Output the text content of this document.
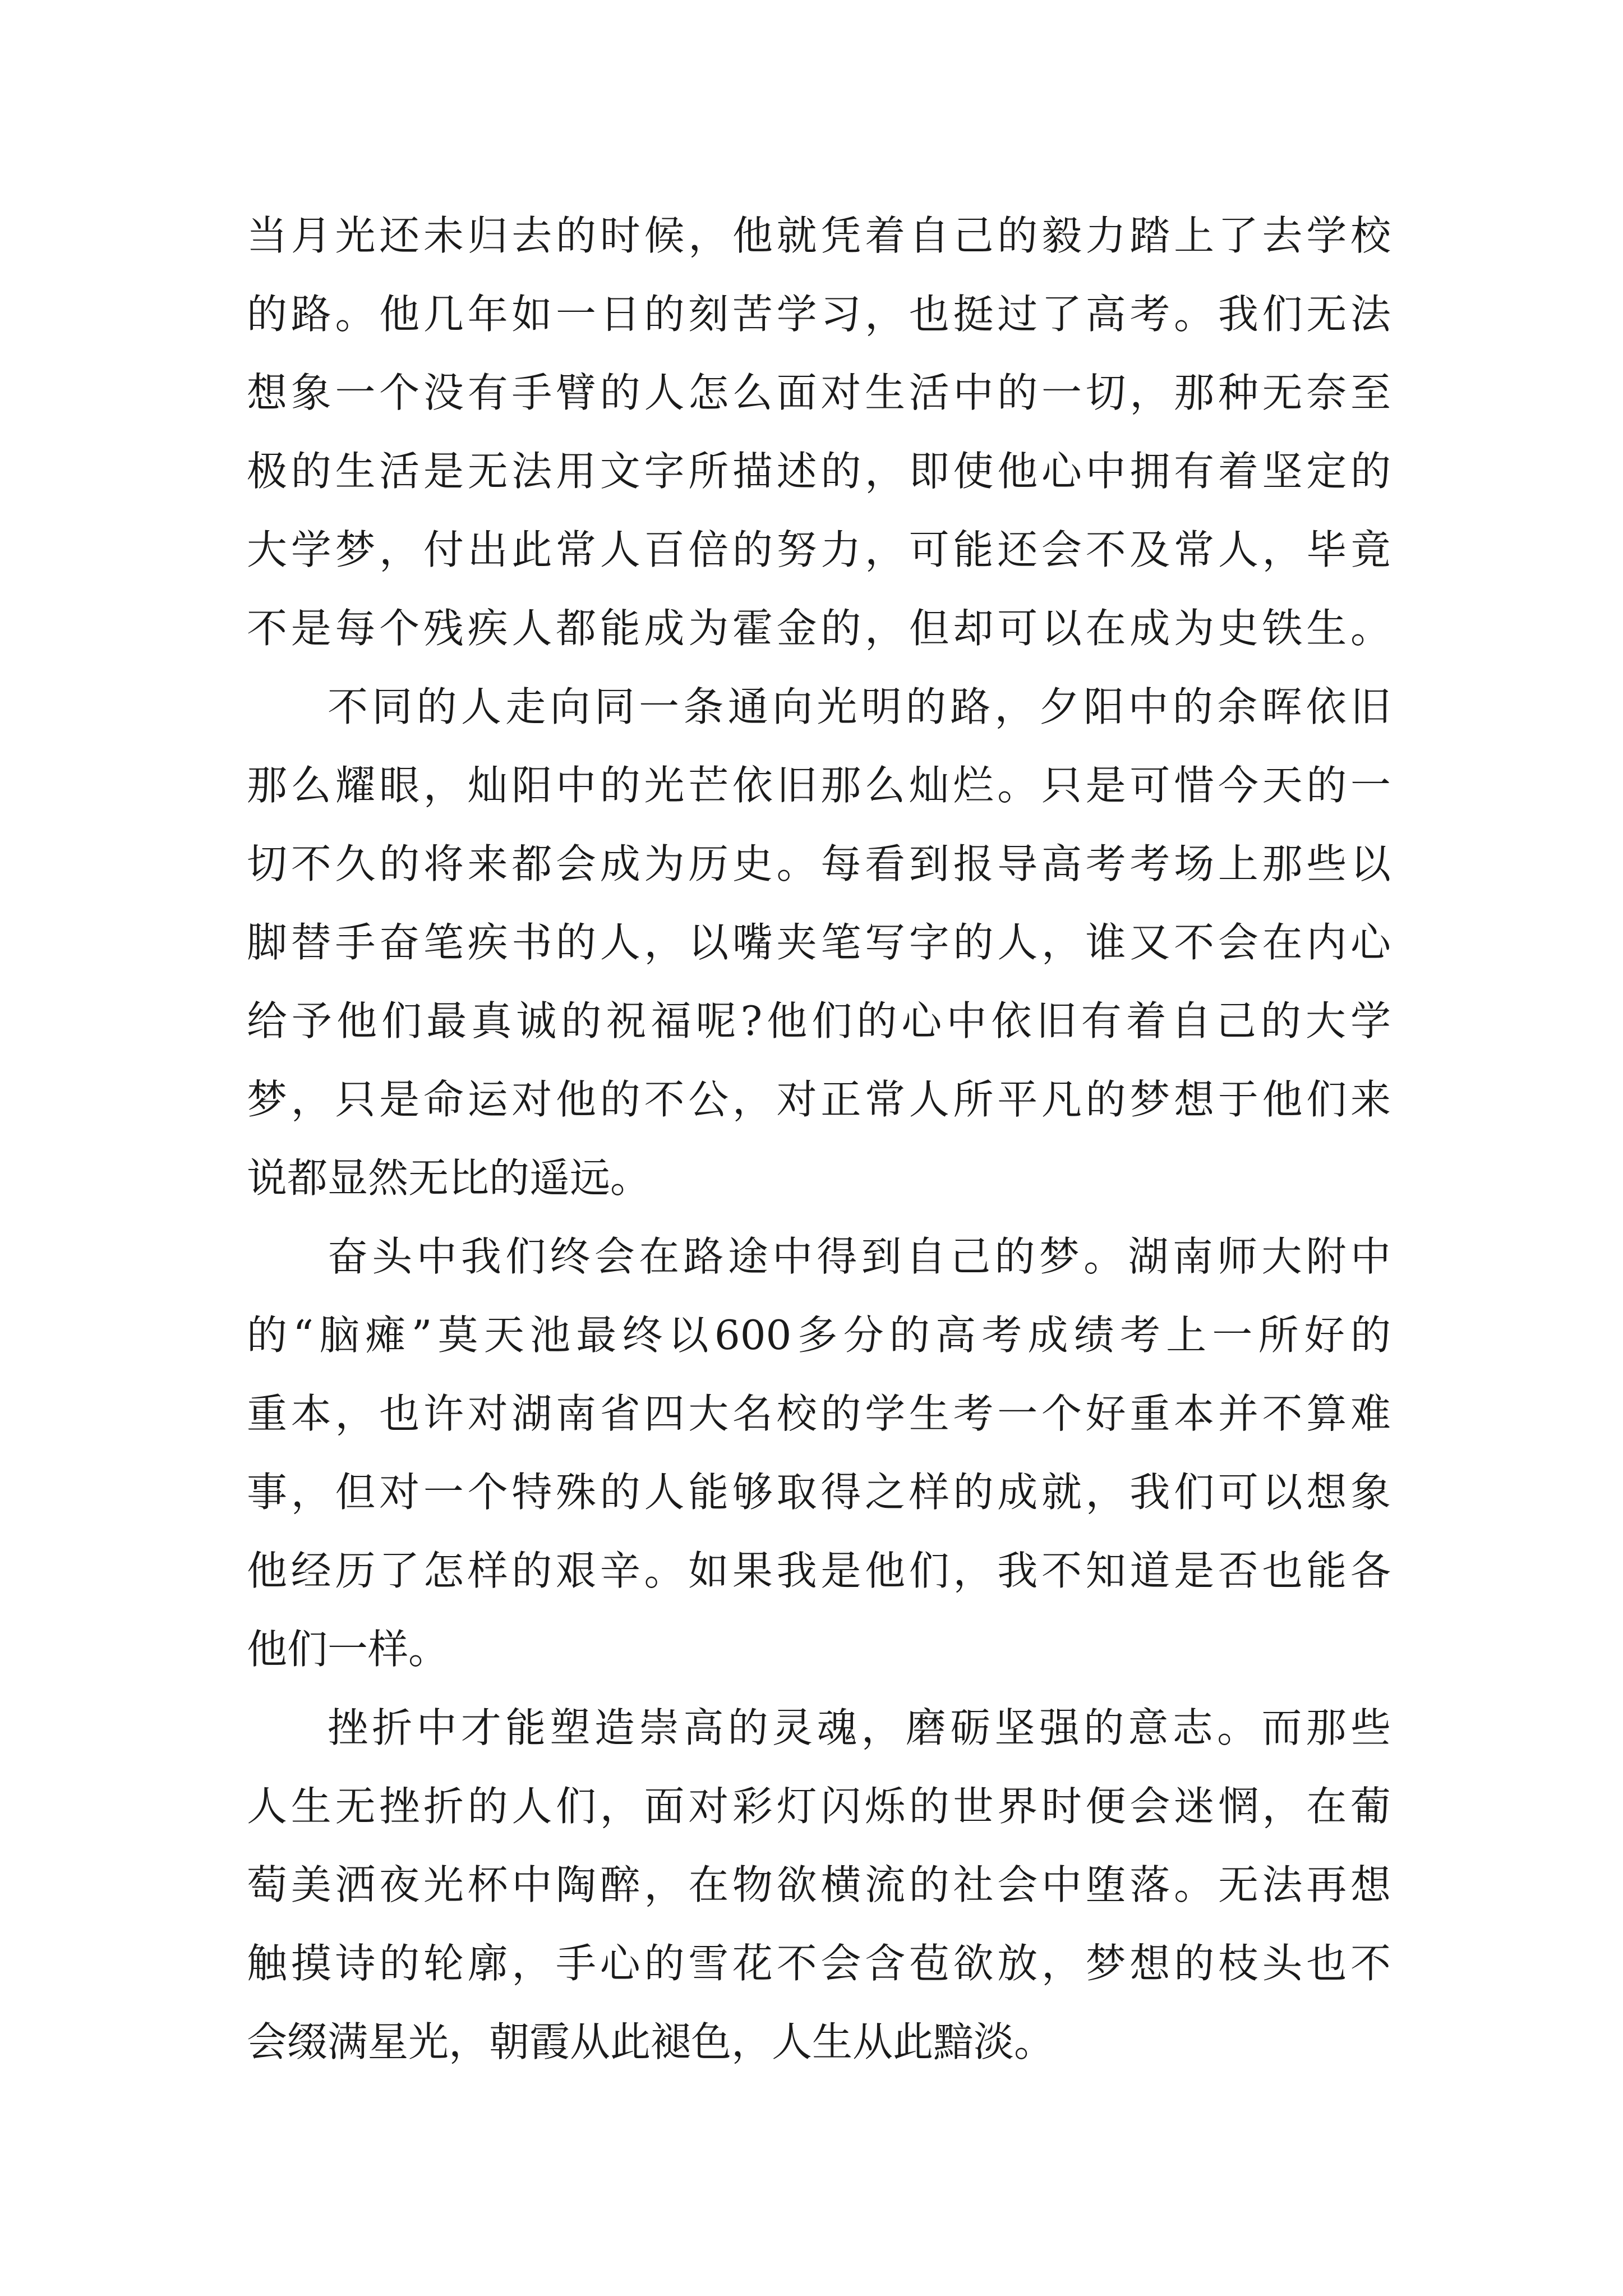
当月光还未归去的时候，他就凭着自己的毅力踏上了去学校
的路。他几年如一日的刻苦学习，也挺过了高考。我们无法
想象一个没有手臂的人怎么面对生活中的一切，那种无奈至
极的生活是无法用文字所描述的，即使他心中拥有着坚定的
大学梦，付出此常人百倍的努力，可能还会不及常人，毕竟
不是每个残疾人都能成为霍金的，但却可以在成为史铁生。
不同的人走向同一条通向光明的路，夕阳中的余晖依旧
那么耀眼，灿阳中的光芒依旧那么灿烂。只是可惜今天的一
切不久的将来都会成为历史。每看到报导高考考场上那些以
脚替手奋笔疾书的人，以嘴夹笔写字的人，谁又不会在内心
给予他们最真诚的祝福呢?他们的心中依旧有着自己的大学
梦，只是命运对他的不公，对正常人所平凡的梦想于他们来
说都显然无比的遥远。
奋头中我们终会在路途中得到自己的梦。湖南师大附中
的“脑瘫”莫天池最终以600多分的高考成绩考上一所好的
重本，也许对湖南省四大名校的学生考一个好重本并不算难
事，但对一个特殊的人能够取得之样的成就，我们可以想象
他经历了怎样的艰辛。如果我是他们，我不知道是否也能各
他们一样。
挫折中才能塑造崇高的灵魂，磨砺坚强的意志。而那些
人生无挫折的人们，面对彩灯闪烁的世界时便会迷惘，在葡
萄美洒夜光杯中陶醉，在物欲横流的社会中堕落。无法再想
触摸诗的轮廓，手心的雪花不会含苞欲放，梦想的枝头也不
会缀满星光，朝霞从此褪色，人生从此黯淡。
